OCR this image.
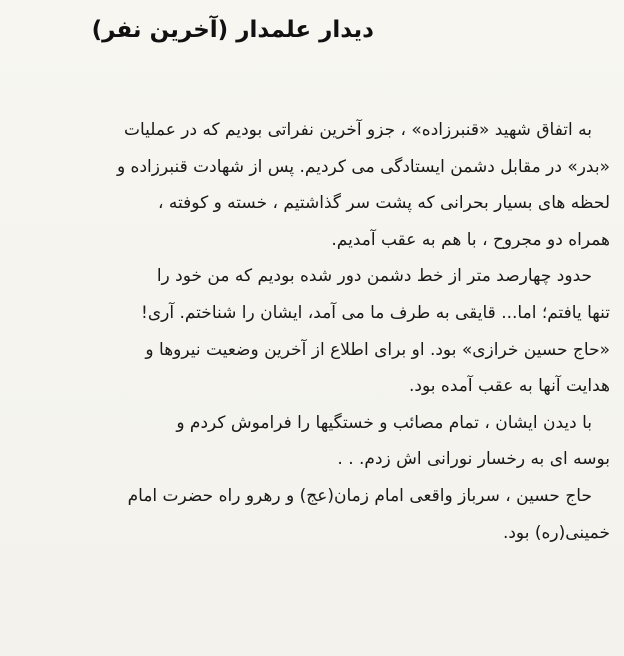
دیدار علمدار (آخرین نفر)
به اتفاق شهید «قنبرزاده» ، جزو آخرین نفراتی بودیم که در عملیات
«بدر» در مقابل دشمن ایستادگی می کردیم. پس از شهادت قنبرزاده و
لحظه های بسیار بحرانی که پشت سر گذاشتیم ، خسته و کوفته ،
همراه دو مجروح ، با هم به عقب آمدیم.
حدود چهارصد متر از خط دشمن دور شده بودیم که من خود را
تنها یافتم؛ اما... قایقی به طرف ما می آمد، ایشان را شناختم. آری!
«حاج حسین خرازی» بود. او برای اطلاع از آخرین وضعیت نیروها و
هدایت آنها به عقب آمده بود.
با دیدن ایشان ، تمام مصائب و خستگیها را فراموش کردم و
بوسه ای به رخسار نورانی اش زدم. . .
حاج حسین ، سرباز واقعی امام زمان(عج) و رهرو راه حضرت امام
خمینی(ره) بود.
